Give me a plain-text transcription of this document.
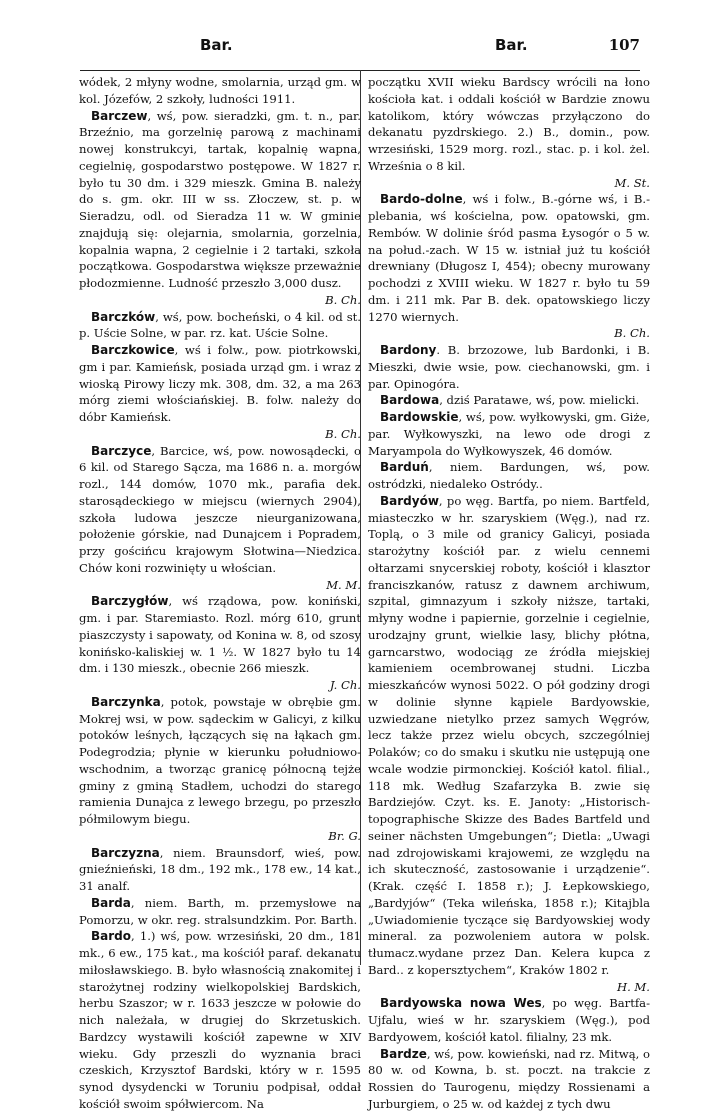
Bar.	Bar.	107

wódek, 2 młyny wodne, smolarnia, urząd gm. w kol. Józefów, 2 szkoły, ludności 1911.

Barczew, wś, pow. sieradzki, gm. t. n., par. Brzeźnio, ma gorzelnię parową z machinami nowej konstrukcyi, tartak, kopalnię wapna, cegielnię, gospodarstwo postępowe. W 1827 r. było tu 30 dm. i 329 mieszk. Gmina B. należy do s. gm. okr. III w ss. Złoczew, st. p. w Sieradzu, odl. od Sieradza 11 w. W gminie znajdują się: olejarnia, smolarnia, gorzelnia, kopalnia wapna, 2 cegielnie i 2 tartaki, szkoła początkowa. Gospodarstwa większe przeważnie płodozmienne. Ludność przeszło 3,000 dusz.
B. Ch.

Barczków, wś, pow. bocheński, o 4 kil. od st. p. Uście Solne, w par. rz. kat. Uście Solne.

Barczkowice, wś i folw., pow. piotrkowski, gm i par. Kamieńsk, posiada urząd gm. i wraz z wioską Pirowy liczy mk. 308, dm. 32, a ma 263 mórg ziemi włościańskiej. B. folw. należy do dóbr Kamieńsk.
B. Ch.

Barczyce, Barcice, wś, pow. nowosądecki, o 6 kil. od Starego Sącza, ma 1686 n. a. morgów rozl., 144 domów, 1070 mk., parafia dek. starosądeckiego w miejscu (wiernych 2904), szkoła ludowa jeszcze nieurganizowana, położenie górskie, nad Dunajcem i Popradem, przy gościńcu krajowym Słotwina—Niedzica. Chów koni rozwinięty u włościan.
M. M.

Barczygłów, wś rządowa, pow. koniński, gm. i par. Staremiasto. Rozl. mórg 610, grunt piaszczysty i sapowaty, od Konina w. 8, od szosy konińsko-kaliskiej w. 1 ½. W 1827 było tu 14 dm. i 130 mieszk., obecnie 266 mieszk.
J. Ch.

Barczynka, potok, powstaje w obrębie gm. Mokrej wsi, w pow. sądeckim w Galicyi, z kilku potoków leśnych, łączących się na łąkach gm. Podegrodzia; płynie w kierunku południowo-wschodnim, a tworząc granicę północną tejże gminy z gminą Stadłem, uchodzi do starego ramienia Dunajca z lewego brzegu, po przeszło półmilowym biegu.
Br. G.

Barczyzna, niem. Braunsdorf, wieś, pow. gnieźnieński, 18 dm., 192 mk., 178 ew., 14 kat., 31 analf.

Barda, niem. Barth, m. przemysłowe na Pomorzu, w okr. reg. stralsundzkim. Por. Barth.

Bardo, 1.) wś, pow. wrzesiński, 20 dm., 181 mk., 6 ew., 175 kat., ma kościół paraf. dekanatu miłosławskiego. B. było własnością znakomitej i starożytnej rodziny wielkopolskiej Bardskich, herbu Szaszor; w r. 1633 jeszcze w połowie do nich należała, w drugiej do Skrzetuskich. Bardzcy wystawili kościół zapewne w XIV wieku. Gdy przeszli do wyznania braci czeskich, Krzysztof Bardski, który w r. 1595 synod dysydencki w Toruniu podpisał, oddał kościół swoim spółwiercom. Na

początku XVII wieku Bardscy wrócili na łono kościoła kat. i oddali kościół w Bardzie znowu katolikom, który wówczas przyłączono do dekanatu pyzdrskiego. 2.) B., domin., pow. wrzesiński, 1529 morg. rozl., stac. p. i kol. żel. Września o 8 kil.
M. St.

Bardo-dolne, wś i folw., B.-górne wś, i B.-plebania, wś kościelna, pow. opatowski, gm. Rembów. W dolinie śród pasma Łysogór o 5 w. na połud.-zach. W 15 w. istniał już tu kościół drewniany (Długosz I, 454); obecny murowany pochodzi z XVIII wieku. W 1827 r. było tu 59 dm. i 211 mk. Par B. dek. opatowskiego liczy 1270 wiernych.
B. Ch.

Bardony. B. brzozowe, lub Bardonki, i B. Mieszki, dwie wsie, pow. ciechanowski, gm. i par. Opinogóra.

Bardowa, dziś Paratawe, wś, pow. mielicki.

Bardowskie, wś, pow. wyłkowyski, gm. Giże, par. Wyłkowyszki, na lewo ode drogi z Maryampola do Wyłkowyszek, 46 domów.

Barduń, niem. Bardungen, wś, pow. ostródzki, niedaleko Ostródy..

Bardyów, po węg. Bartfa, po niem. Bartfeld, miasteczko w hr. szaryskiem (Węg.), nad rz. Toplą, o 3 mile od granicy Galicyi, posiada starożytny kościół par. z wielu cennemi ołtarzami snycerskiej roboty, kościół i klasztor franciszkanów, ratusz z dawnem archiwum, szpital, gimnazyum i szkoły niższe, tartaki, młyny wodne i papiernie, gorzelnie i cegielnie, urodzajny grunt, wielkie lasy, blichy płótna, garncarstwo, wodociąg ze źródła miejskiej kamieniem ocembrowanej studni. Liczba mieszkańców wynosi 5022. O pół godziny drogi w dolinie słynne kąpiele Bardyowskie, uzwiedzane nietylko przez samych Węgrów, lecz także przez wielu obcych, szczególniej Polaków; co do smaku i skutku nie ustępują one wcale wodzie pirmonckiej. Kościół katol. filial., 118 mk. Według Szafarzyka B. zwie się Bardziejów. Czyt. ks. E. Janoty: „Historisch-topographische Skizze des Bades Bartfeld und seiner nächsten Umgebungen“; Dietla: „Uwagi nad zdrojowiskami krajowemi, ze względu na ich skuteczność, zastosowanie i urządzenie“. (Krak. część I. 1858 r.); J. Łepkowskiego, „Bardyjów“ (Teka wileńska, 1858 r.); Kitajbla „Uwiadomienie tyczące się Bardyowskiej wody mineral. za pozwoleniem autora w polsk. tłumacz.wydane przez Dan. Kelera kupca z Bard.. z kopersztychem“, Kraków 1802 r.
H. M.

Bardyowska nowa Wes, po węg. Bartfa-Ujfalu, wieś w hr. szaryskiem (Węg.), pod Bardyowem, kościół katol. filialny, 23 mk.

Bardze, wś, pow. kowieński, nad rz. Mitwą, o 80 w. od Kowna, b. st. poczt. na trakcie z Rossien do Taurogenu, między Rossienami a Jurburgiem, o 25 w. od każdej z tych dwu
